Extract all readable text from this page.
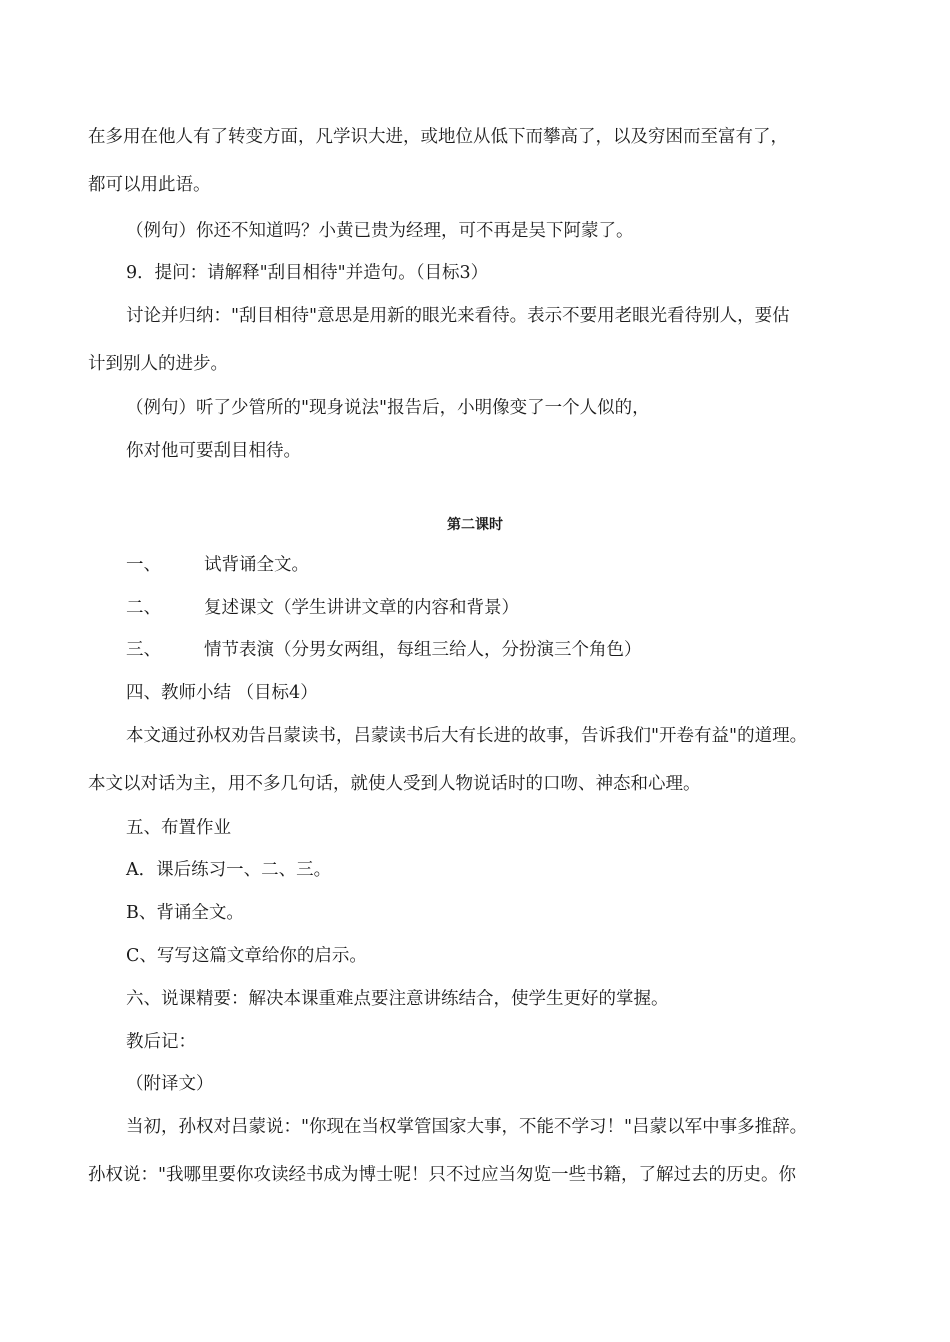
在多用在他人有了转变方面，凡学识大进，或地位从低下而攀高了，以及穷困而至富有了，

都可以用此语。

（例句）你还不知道吗？小黄已贵为经理，可不再是吴下阿蒙了。

9．提问：请解释"刮目相待"并造句。（目标3）

讨论并归纳："刮目相待"意思是用新的眼光来看待。表示不要用老眼光看待别人，要估

计到别人的进步。

（例句）听了少管所的"现身说法"报告后，小明像变了一个人似的，

你对他可要刮目相待。

第二课时

一、 试背诵全文。

二、 复述课文（学生讲讲文章的内容和背景）

三、 情节表演（分男女两组，每组三给人，分扮演三个角色）

四、教师小结 （目标4）

本文通过孙权劝告吕蒙读书，吕蒙读书后大有长进的故事，告诉我们"开卷有益"的道理。

本文以对话为主，用不多几句话，就使人受到人物说话时的口吻、神态和心理。

五、布置作业

A．课后练习一、二、三。

B、背诵全文。

C、写写这篇文章给你的启示。

六、说课精要：解决本课重难点要注意讲练结合，使学生更好的掌握。

教后记：

（附译文）

当初，孙权对吕蒙说："你现在当权掌管国家大事，不能不学习！"吕蒙以军中事多推辞。

孙权说："我哪里要你攻读经书成为博士呢！只不过应当匆览一些书籍，了解过去的历史。你
